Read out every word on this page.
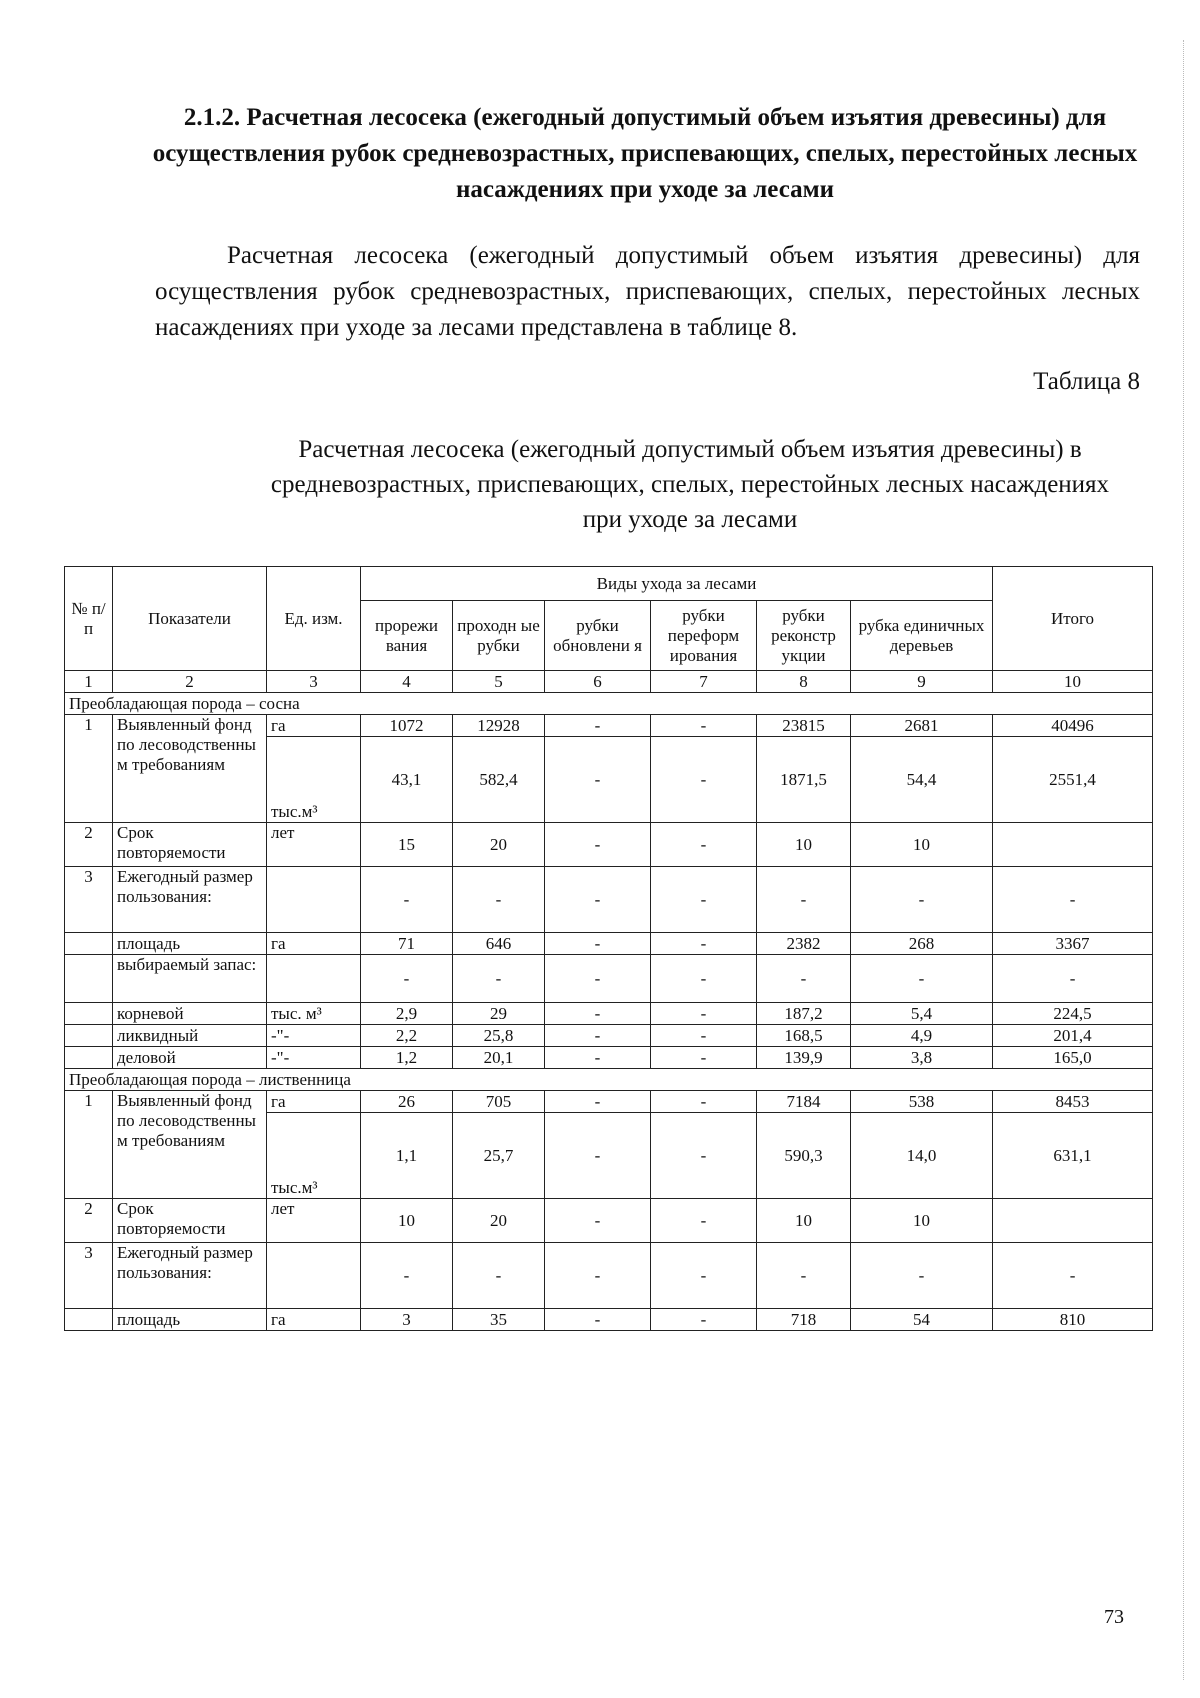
2.1.2. Расчетная лесосека (ежегодный допустимый объем изъятия древесины) для осуществления рубок средневозрастных, приспевающих, спелых, перестойных лесных насаждениях при уходе за лесами

Расчетная лесосека (ежегодный допустимый объем изъятия древесины) для осуществления рубок средневозрастных, приспевающих, спелых, перестойных лесных насаждениях при уходе за лесами представлена в таблице 8.

Таблица 8
Расчетная лесосека (ежегодный допустимый объем изъятия древесины) в средневозрастных, приспевающих, спелых, перестойных лесных насаждениях при уходе за лесами
№ п/п	Показатели	Ед. изм.	Виды ухода за лесами						Итого
			прорежи вания	проходн ые рубки	рубки обновлени я	рубки переформ ирования	рубки реконстр укции	рубка единичных деревьев	
1	2	3	4	5	6	7	8	9	10
Преобладающая порода – сосна									
1	Выявленный фонд по лесоводственны м требованиям	га	1072	12928	-	-	23815	2681	40496
		тыс.м³	43,1	582,4	-	-	1871,5	54,4	2551,4
2	Срок повторяемости	лет	15	20	-	-	10	10	
3	Ежегодный размер пользования:		-	-	-	-	-	-	-
	площадь	га	71	646	-	-	2382	268	3367
	выбираемый запас:		-	-	-	-	-	-	-
	корневой	тыс. м³	2,9	29	-	-	187,2	5,4	224,5
	ликвидный	-"-	2,2	25,8	-	-	168,5	4,9	201,4
	деловой	-"-	1,2	20,1	-	-	139,9	3,8	165,0
Преобладающая порода – лиственница									
1	Выявленный фонд по лесоводственны м требованиям	га	26	705	-	-	7184	538	8453
		тыс.м³	1,1	25,7	-	-	590,3	14,0	631,1
2	Срок повторяемости	лет	10	20	-	-	10	10	
3	Ежегодный размер пользования:		-	-	-	-	-	-	-
	площадь	га	3	35	-	-	718	54	810
73
